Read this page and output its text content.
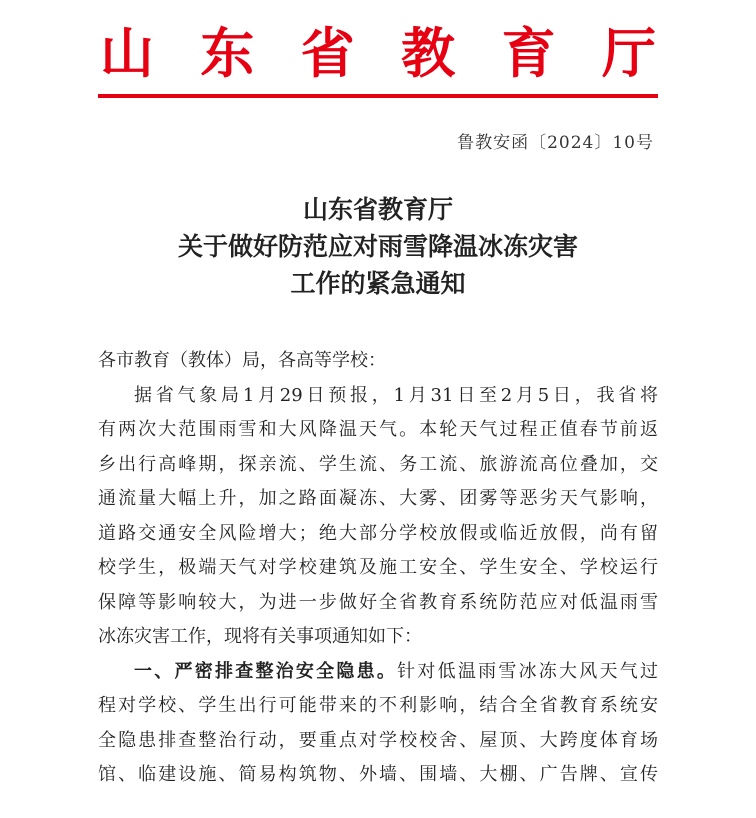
山 东 省 教 育 厅
鲁教安函〔2024〕10号
山东省教育厅
关于做好防范应对雨雪降温冰冻灾害
工作的紧急通知
各市教育（教体）局，各高等学校：
据省气象局1月29日预报，1月31日至2月5日，我省将
有两次大范围雨雪和大风降温天气。本轮天气过程正值春节前返
乡出行高峰期，探亲流、学生流、务工流、旅游流高位叠加，交
通流量大幅上升，加之路面凝冻、大雾、团雾等恶劣天气影响，
道路交通安全风险增大；绝大部分学校放假或临近放假，尚有留
校学生，极端天气对学校建筑及施工安全、学生安全、学校运行
保障等影响较大，为进一步做好全省教育系统防范应对低温雨雪
冰冻灾害工作，现将有关事项通知如下：
一、严密排查整治安全隐患。针对低温雨雪冰冻大风天气过
程对学校、学生出行可能带来的不利影响，结合全省教育系统安
全隐患排查整治行动，要重点对学校校舍、屋顶、大跨度体育场
馆、临建设施、简易构筑物、外墙、围墙、大棚、广告牌、宣传
